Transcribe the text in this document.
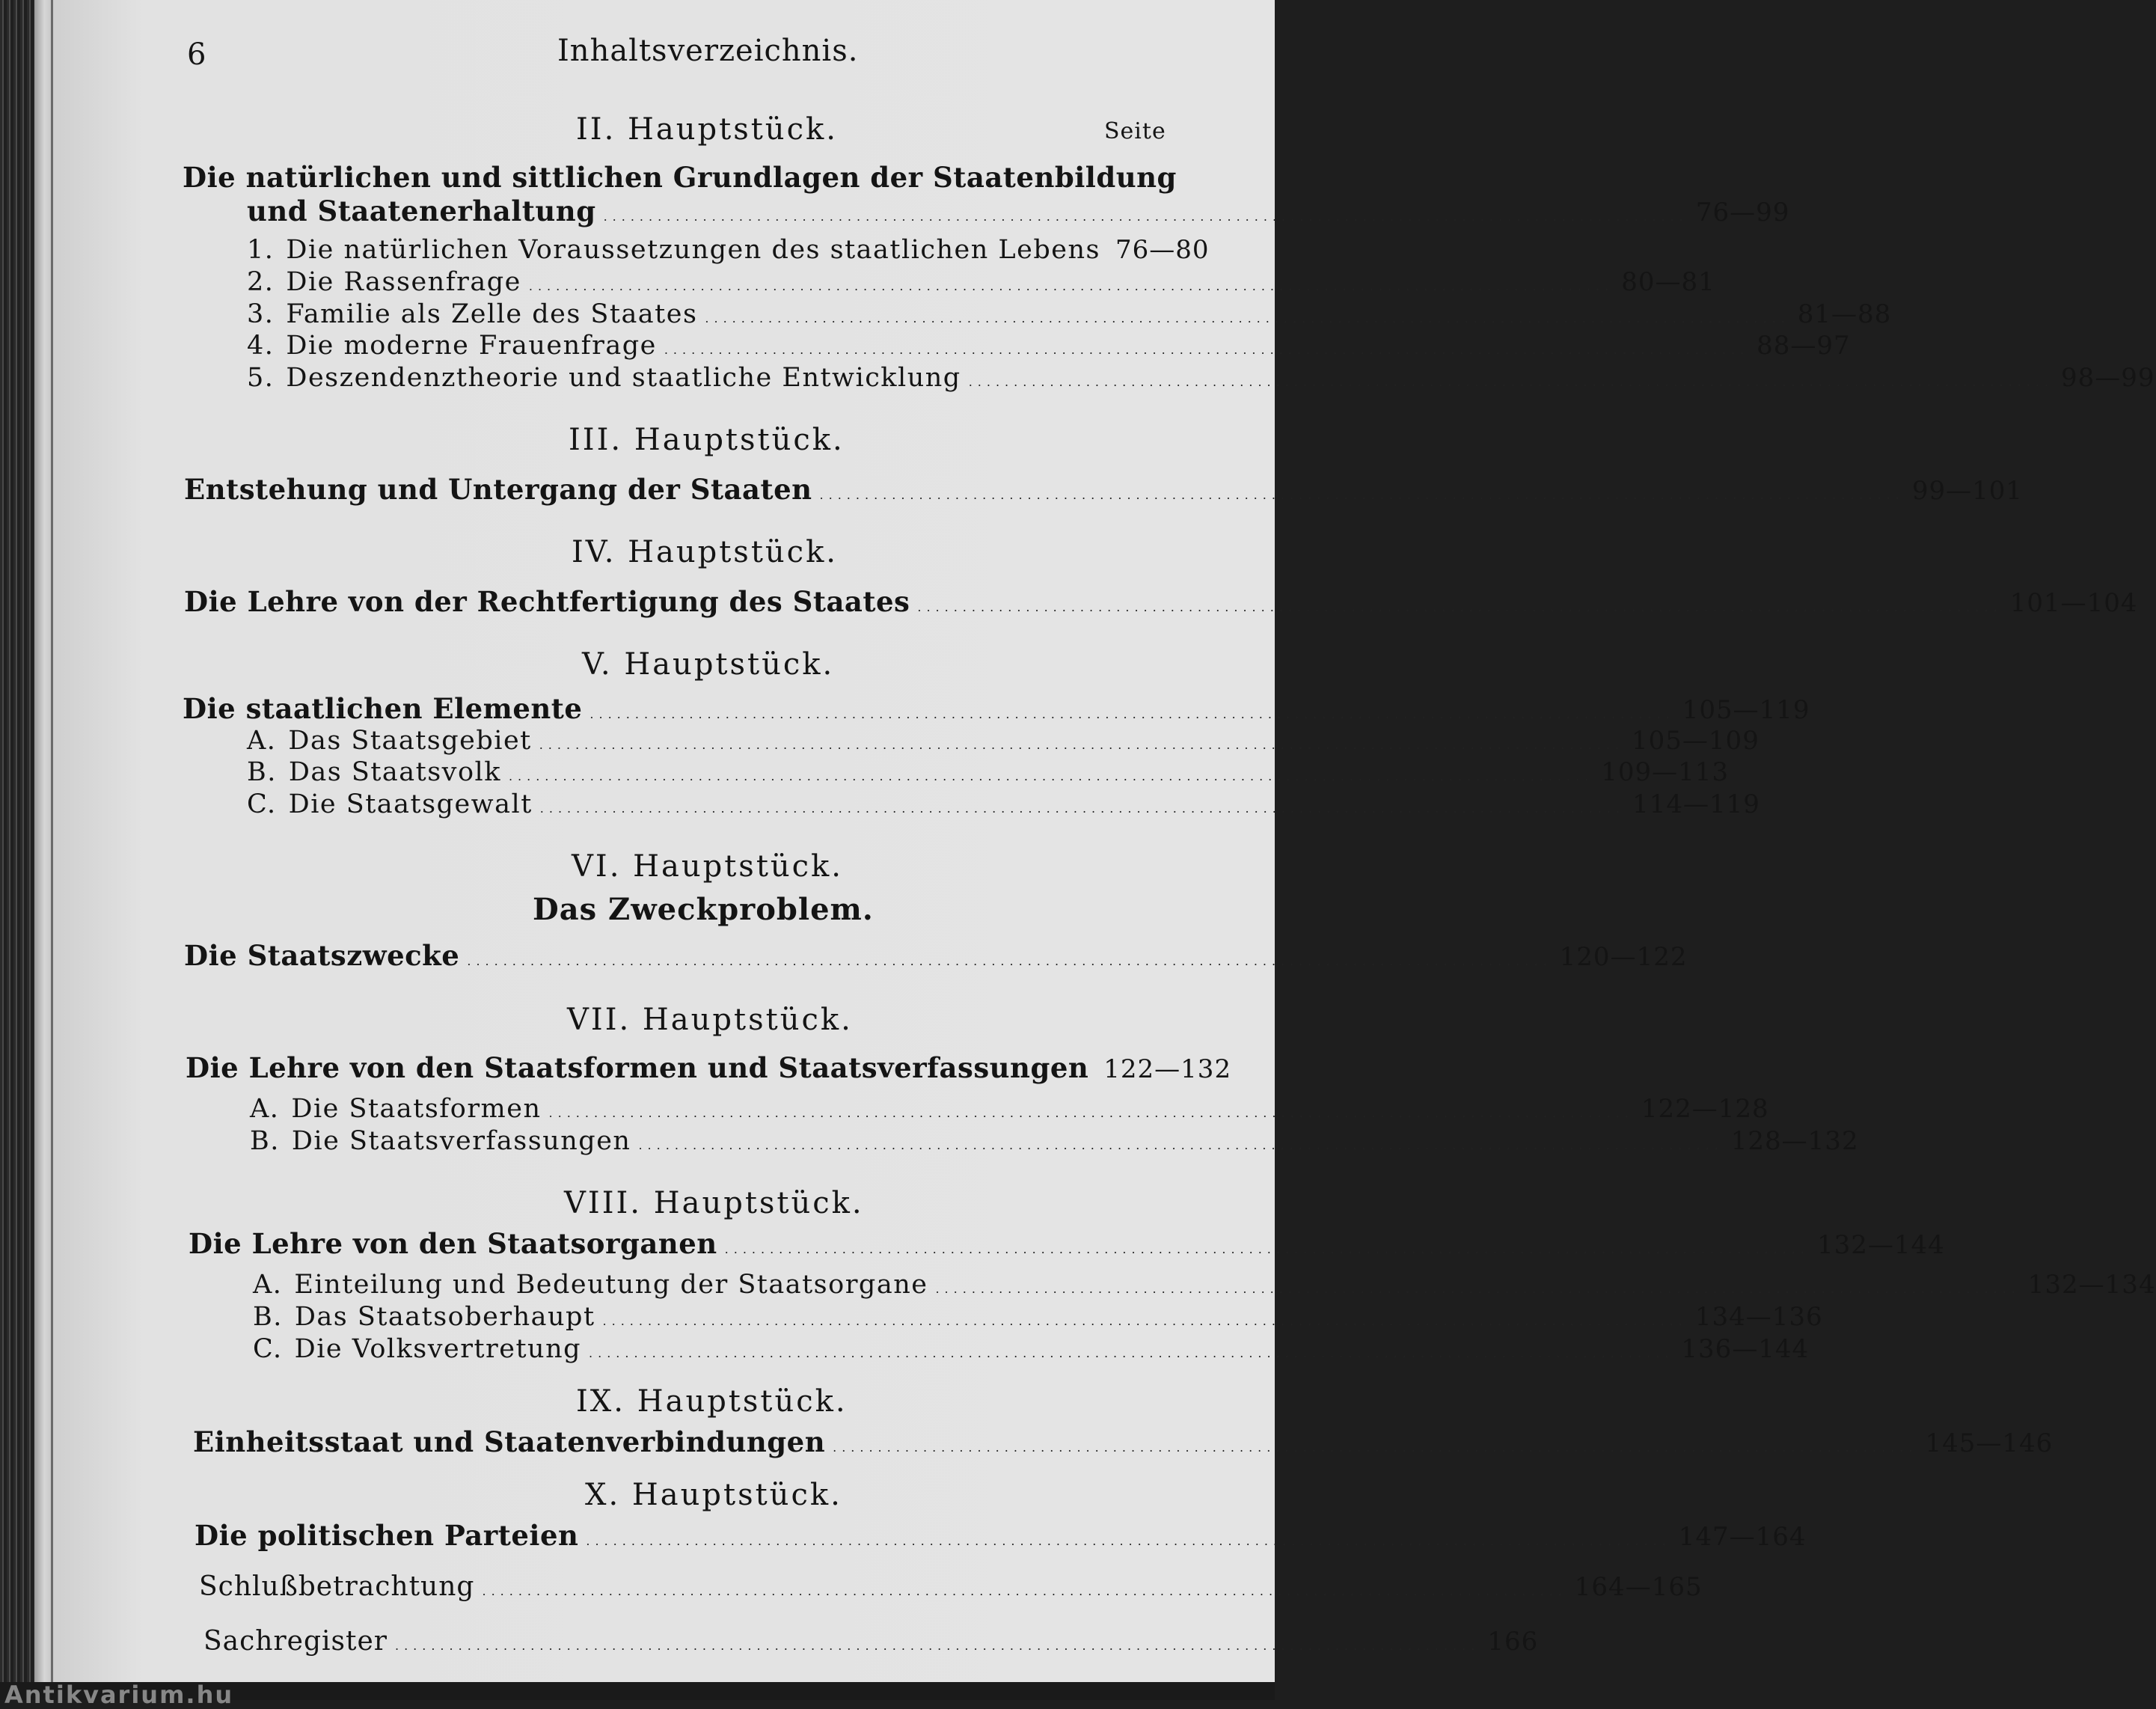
6	Inhaltsverzeichnis.
Seite
II. Hauptstück.
Die natürlichen und sittlichen Grundlagen der Staatenbildung
und Staatenerhaltung ........................................................................................................................ 76—99
1. Die natürlichen Voraussetzungen des staatlichen Lebens 76—80
2. Die Rassenfrage ........................................................................................................................ 80—81
3. Familie als Zelle des Staates ........................................................................................................................ 81—88
4. Die moderne Frauenfrage ........................................................................................................................ 88—97
5. Deszendenztheorie und staatliche Entwicklung ........................................................................................................................ 98—99
III. Hauptstück.
Entstehung und Untergang der Staaten ........................................................................................................................ 99—101
IV. Hauptstück.
Die Lehre von der Rechtfertigung des Staates ........................................................................................................................ 101—104
V. Hauptstück.
Die staatlichen Elemente ........................................................................................................................ 105—119
A. Das Staatsgebiet ........................................................................................................................ 105—109
B. Das Staatsvolk ........................................................................................................................ 109—113
C. Die Staatsgewalt ........................................................................................................................ 114—119
VI. Hauptstück.
Das Zweckproblem.
Die Staatszwecke ........................................................................................................................ 120—122
VII. Hauptstück.
Die Lehre von den Staatsformen und Staatsverfassungen 122—132
A. Die Staatsformen ........................................................................................................................ 122—128
B. Die Staatsverfassungen ........................................................................................................................ 128—132
VIII. Hauptstück.
Die Lehre von den Staatsorganen ........................................................................................................................ 132—144
A. Einteilung und Bedeutung der Staatsorgane ........................................................................................................................ 132—134
B. Das Staatsoberhaupt ........................................................................................................................ 134—136
C. Die Volksvertretung ........................................................................................................................ 136—144
IX. Hauptstück.
Einheitsstaat und Staatenverbindungen ........................................................................................................................ 145—146
X. Hauptstück.
Die politischen Parteien ........................................................................................................................ 147—164
Schlußbetrachtung ........................................................................................................................ 164—165
Sachregister ........................................................................................................................ 166
Antikvarium.hu
